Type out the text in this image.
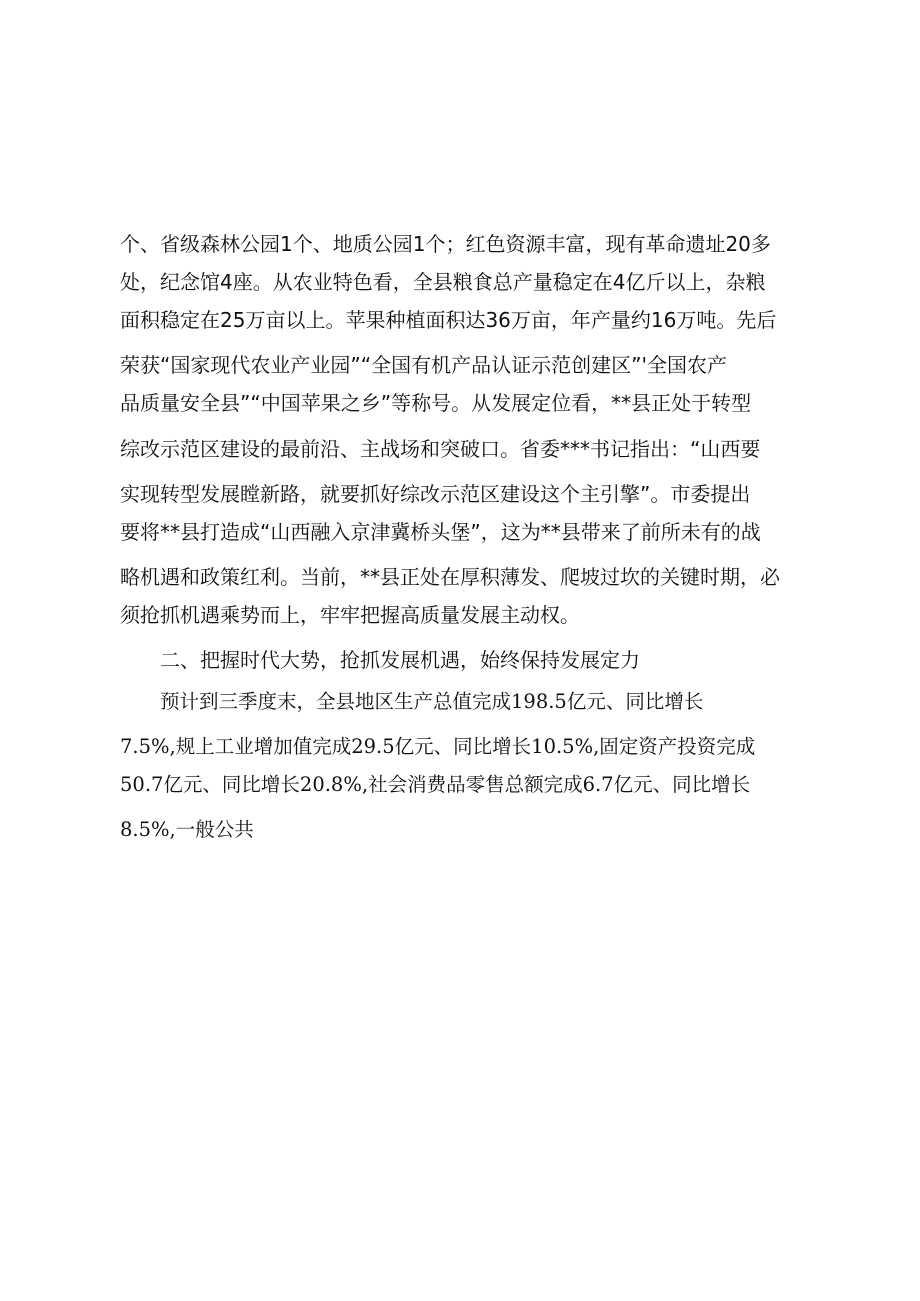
个、省级森林公园1个、地质公园1个；红色资源丰富，现有革命遗址20多
处，纪念馆4座。从农业特色看，全县粮食总产量稳定在4亿斤以上，杂粮
面积稳定在25万亩以上。苹果种植面积达36万亩，年产量约16万吨。先后
荣获“国家现代农业产业园”“全国有机产品认证示范创建区”'全国农产
品质量安全县”“中国苹果之乡”等称号。从发展定位看，**县正处于转型
综改示范区建设的最前沿、主战场和突破口。省委***书记指出：“山西要
实现转型发展瞠新路，就要抓好综改示范区建设这个主引擎”。市委提出
要将**县打造成“山西融入京津冀桥头堡”，这为**县带来了前所未有的战
略机遇和政策红利。当前，**县正处在厚积薄发、爬坡过坎的关键时期，必
须抢抓机遇乘势而上，牢牢把握高质量发展主动权。
二、把握时代大势，抢抓发展机遇，始终保持发展定力
预计到三季度末，全县地区生产总值完成198.5亿元、同比增长
7.5%,规上工业增加值完成29.5亿元、同比增长10.5%,固定资产投资完成
50.7亿元、同比增长20.8%,社会消费品零售总额完成6.7亿元、同比增长
8.5%,一般公共
